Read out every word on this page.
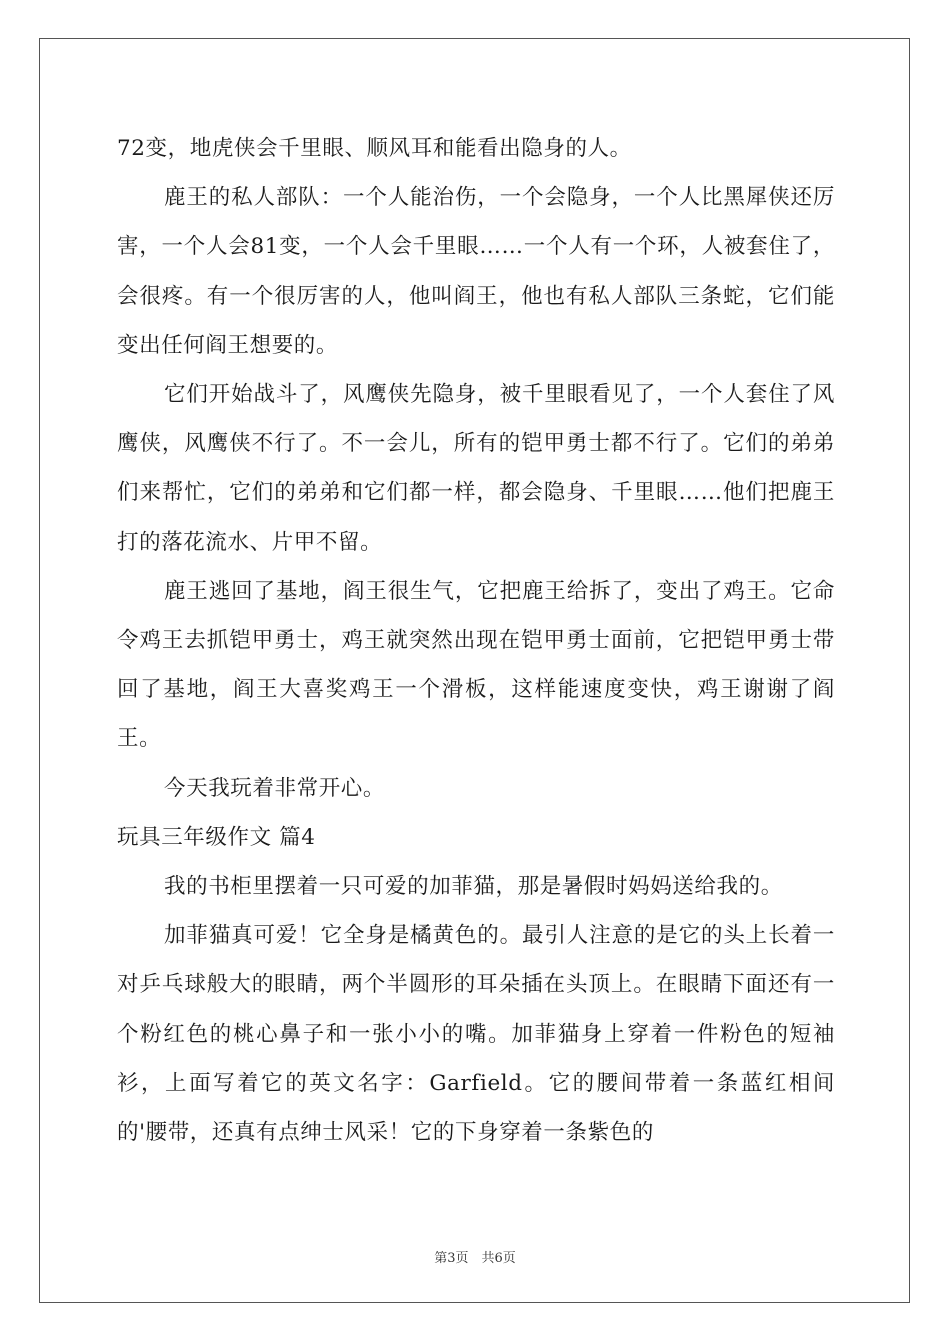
72变，地虎侠会千里眼、顺风耳和能看出隐身的人。

鹿王的私人部队：一个人能治伤，一个会隐身，一个人比黑犀侠还厉害，一个人会81变，一个人会千里眼……一个人有一个环，人被套住了，会很疼。有一个很厉害的人，他叫阎王，他也有私人部队三条蛇，它们能变出任何阎王想要的。

它们开始战斗了，风鹰侠先隐身，被千里眼看见了，一个人套住了风鹰侠，风鹰侠不行了。不一会儿，所有的铠甲勇士都不行了。它们的弟弟们来帮忙，它们的弟弟和它们都一样，都会隐身、千里眼……他们把鹿王打的落花流水、片甲不留。

鹿王逃回了基地，阎王很生气，它把鹿王给拆了，变出了鸡王。它命令鸡王去抓铠甲勇士，鸡王就突然出现在铠甲勇士面前，它把铠甲勇士带回了基地，阎王大喜奖鸡王一个滑板，这样能速度变快，鸡王谢谢了阎王。

今天我玩着非常开心。

玩具三年级作文 篇4

我的书柜里摆着一只可爱的加菲猫，那是暑假时妈妈送给我的。

加菲猫真可爱！它全身是橘黄色的。最引人注意的是它的头上长着一对乒乓球般大的眼睛，两个半圆形的耳朵插在头顶上。在眼睛下面还有一个粉红色的桃心鼻子和一张小小的嘴。加菲猫身上穿着一件粉色的短袖衫，上面写着它的英文名字：Garfield。它的腰间带着一条蓝红相间的'腰带，还真有点绅士风采！它的下身穿着一条紫色的

第3页　共6页
